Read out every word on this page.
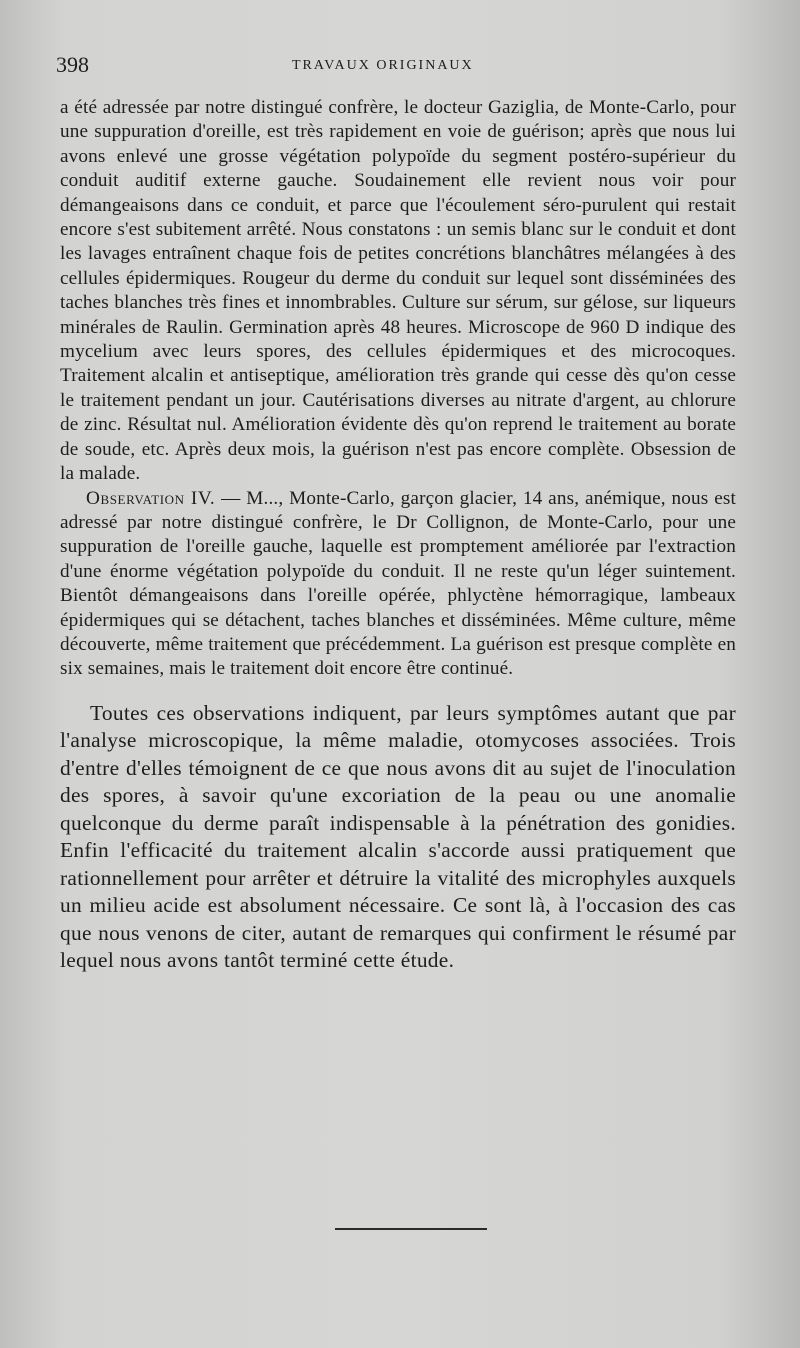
398	TRAVAUX ORIGINAUX

a été adressée par notre distingué confrère, le docteur Gaziglia, de Monte-Carlo, pour une suppuration d'oreille, est très rapidement en voie de guérison; après que nous lui avons enlevé une grosse végétation polypoïde du segment postéro-supérieur du conduit auditif externe gauche. Soudainement elle revient nous voir pour démangeaisons dans ce conduit, et parce que l'écoulement séro-purulent qui restait encore s'est subitement arrêté. Nous constatons : un semis blanc sur le conduit et dont les lavages entraînent chaque fois de petites concrétions blanchâtres mélangées à des cellules épidermiques. Rougeur du derme du conduit sur lequel sont disséminées des taches blanches très fines et innombrables. Culture sur sérum, sur gélose, sur liqueurs minérales de Raulin. Germination après 48 heures. Microscope de 960 D indique des mycelium avec leurs spores, des cellules épidermiques et des microcoques. Traitement alcalin et antiseptique, amélioration très grande qui cesse dès qu'on cesse le traitement pendant un jour. Cautérisations diverses au nitrate d'argent, au chlorure de zinc. Résultat nul. Amélioration évidente dès qu'on reprend le traitement au borate de soude, etc. Après deux mois, la guérison n'est pas encore complète. Obsession de la malade.

Observation IV. — M..., Monte-Carlo, garçon glacier, 14 ans, anémique, nous est adressé par notre distingué confrère, le Dr Collignon, de Monte-Carlo, pour une suppuration de l'oreille gauche, laquelle est promptement améliorée par l'extraction d'une énorme végétation polypoïde du conduit. Il ne reste qu'un léger suintement. Bientôt démangeaisons dans l'oreille opérée, phlyctène hémorragique, lambeaux épidermiques qui se détachent, taches blanches et disséminées. Même culture, même découverte, même traitement que précédemment. La guérison est presque complète en six semaines, mais le traitement doit encore être continué.

Toutes ces observations indiquent, par leurs symptômes autant que par l'analyse microscopique, la même maladie, otomycoses associées. Trois d'entre d'elles témoignent de ce que nous avons dit au sujet de l'inoculation des spores, à savoir qu'une excoriation de la peau ou une anomalie quelconque du derme paraît indispensable à la pénétration des gonidies. Enfin l'efficacité du traitement alcalin s'accorde aussi pratiquement que rationnellement pour arrêter et détruire la vitalité des microphyles auxquels un milieu acide est absolument nécessaire. Ce sont là, à l'occasion des cas que nous venons de citer, autant de remarques qui confirment le résumé par lequel nous avons tantôt terminé cette étude.
